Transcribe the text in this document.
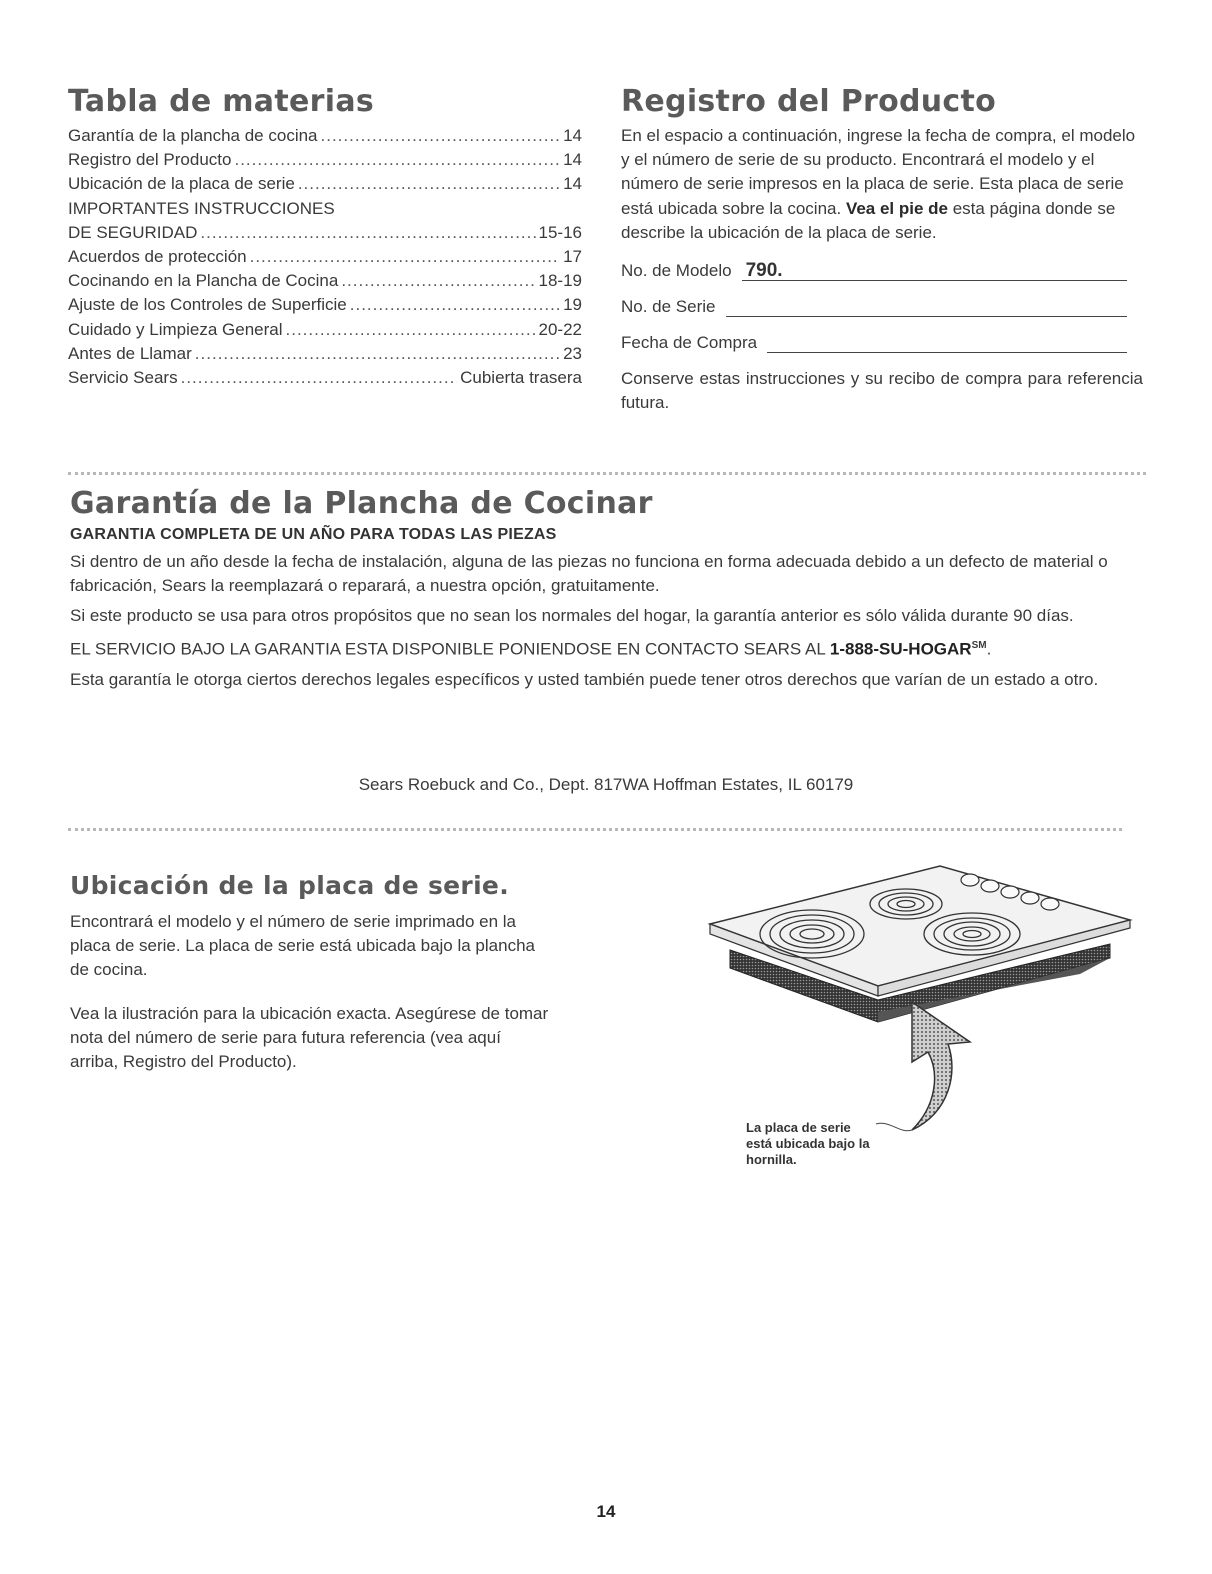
Tabla de materias
Garantía de la plancha de cocina .....	14
Registro del Producto .....	14
Ubicación de la placa de serie .....	14
IMPORTANTES INSTRUCCIONES
DE SEGURIDAD .....	15-16
Acuerdos de protección .....	17
Cocinando en la Plancha de Cocina .....	18-19
Ajuste de los Controles de Superficie .....	19
Cuidado y Limpieza General .....	20-22
Antes de Llamar .....	23
Servicio Sears .....	Cubierta trasera
Registro del Producto
En el espacio a continuación, ingrese la fecha de compra, el modelo y el número de serie de su producto. Encontrará el modelo y el número de serie impresos en la placa de serie. Esta placa de serie está ubicada sobre la cocina. Vea el pie de esta página donde se describe la ubicación de la placa de serie.
No. de Modelo 790.
No. de Serie
Fecha de Compra
Conserve estas instrucciones y su recibo de compra para referencia futura.
Garantía de la Plancha de Cocinar
GARANTIA COMPLETA DE UN AÑO PARA TODAS LAS PIEZAS

Si dentro de un año desde la fecha de instalación, alguna de las piezas no funciona en forma adecuada debido a un defecto de material o fabricación, Sears la reemplazará o reparará, a nuestra opción, gratuitamente.

Si este producto se usa para otros propósitos que no sean los normales del hogar, la garantía anterior es sólo válida durante 90 días.

EL SERVICIO BAJO LA GARANTIA ESTA DISPONIBLE PONIENDOSE EN CONTACTO SEARS AL 1-888-SU-HOGAR℠.

Esta garantía le otorga ciertos derechos legales específicos y usted también puede tener otros derechos que varían de un estado a otro.

Sears Roebuck and Co., Dept. 817WA Hoffman Estates, IL 60179
Ubicación de la placa de serie.

Encontrará el modelo y el número de serie imprimado en la placa de serie. La placa de serie está ubicada bajo la plancha de cocina.

Vea la ilustración para la ubicación exacta. Asegúrese de tomar nota del número de serie para futura referencia (vea aquí arriba, Registro del Producto).

La placa de serie
está ubicada bajo la
hornilla.
14
